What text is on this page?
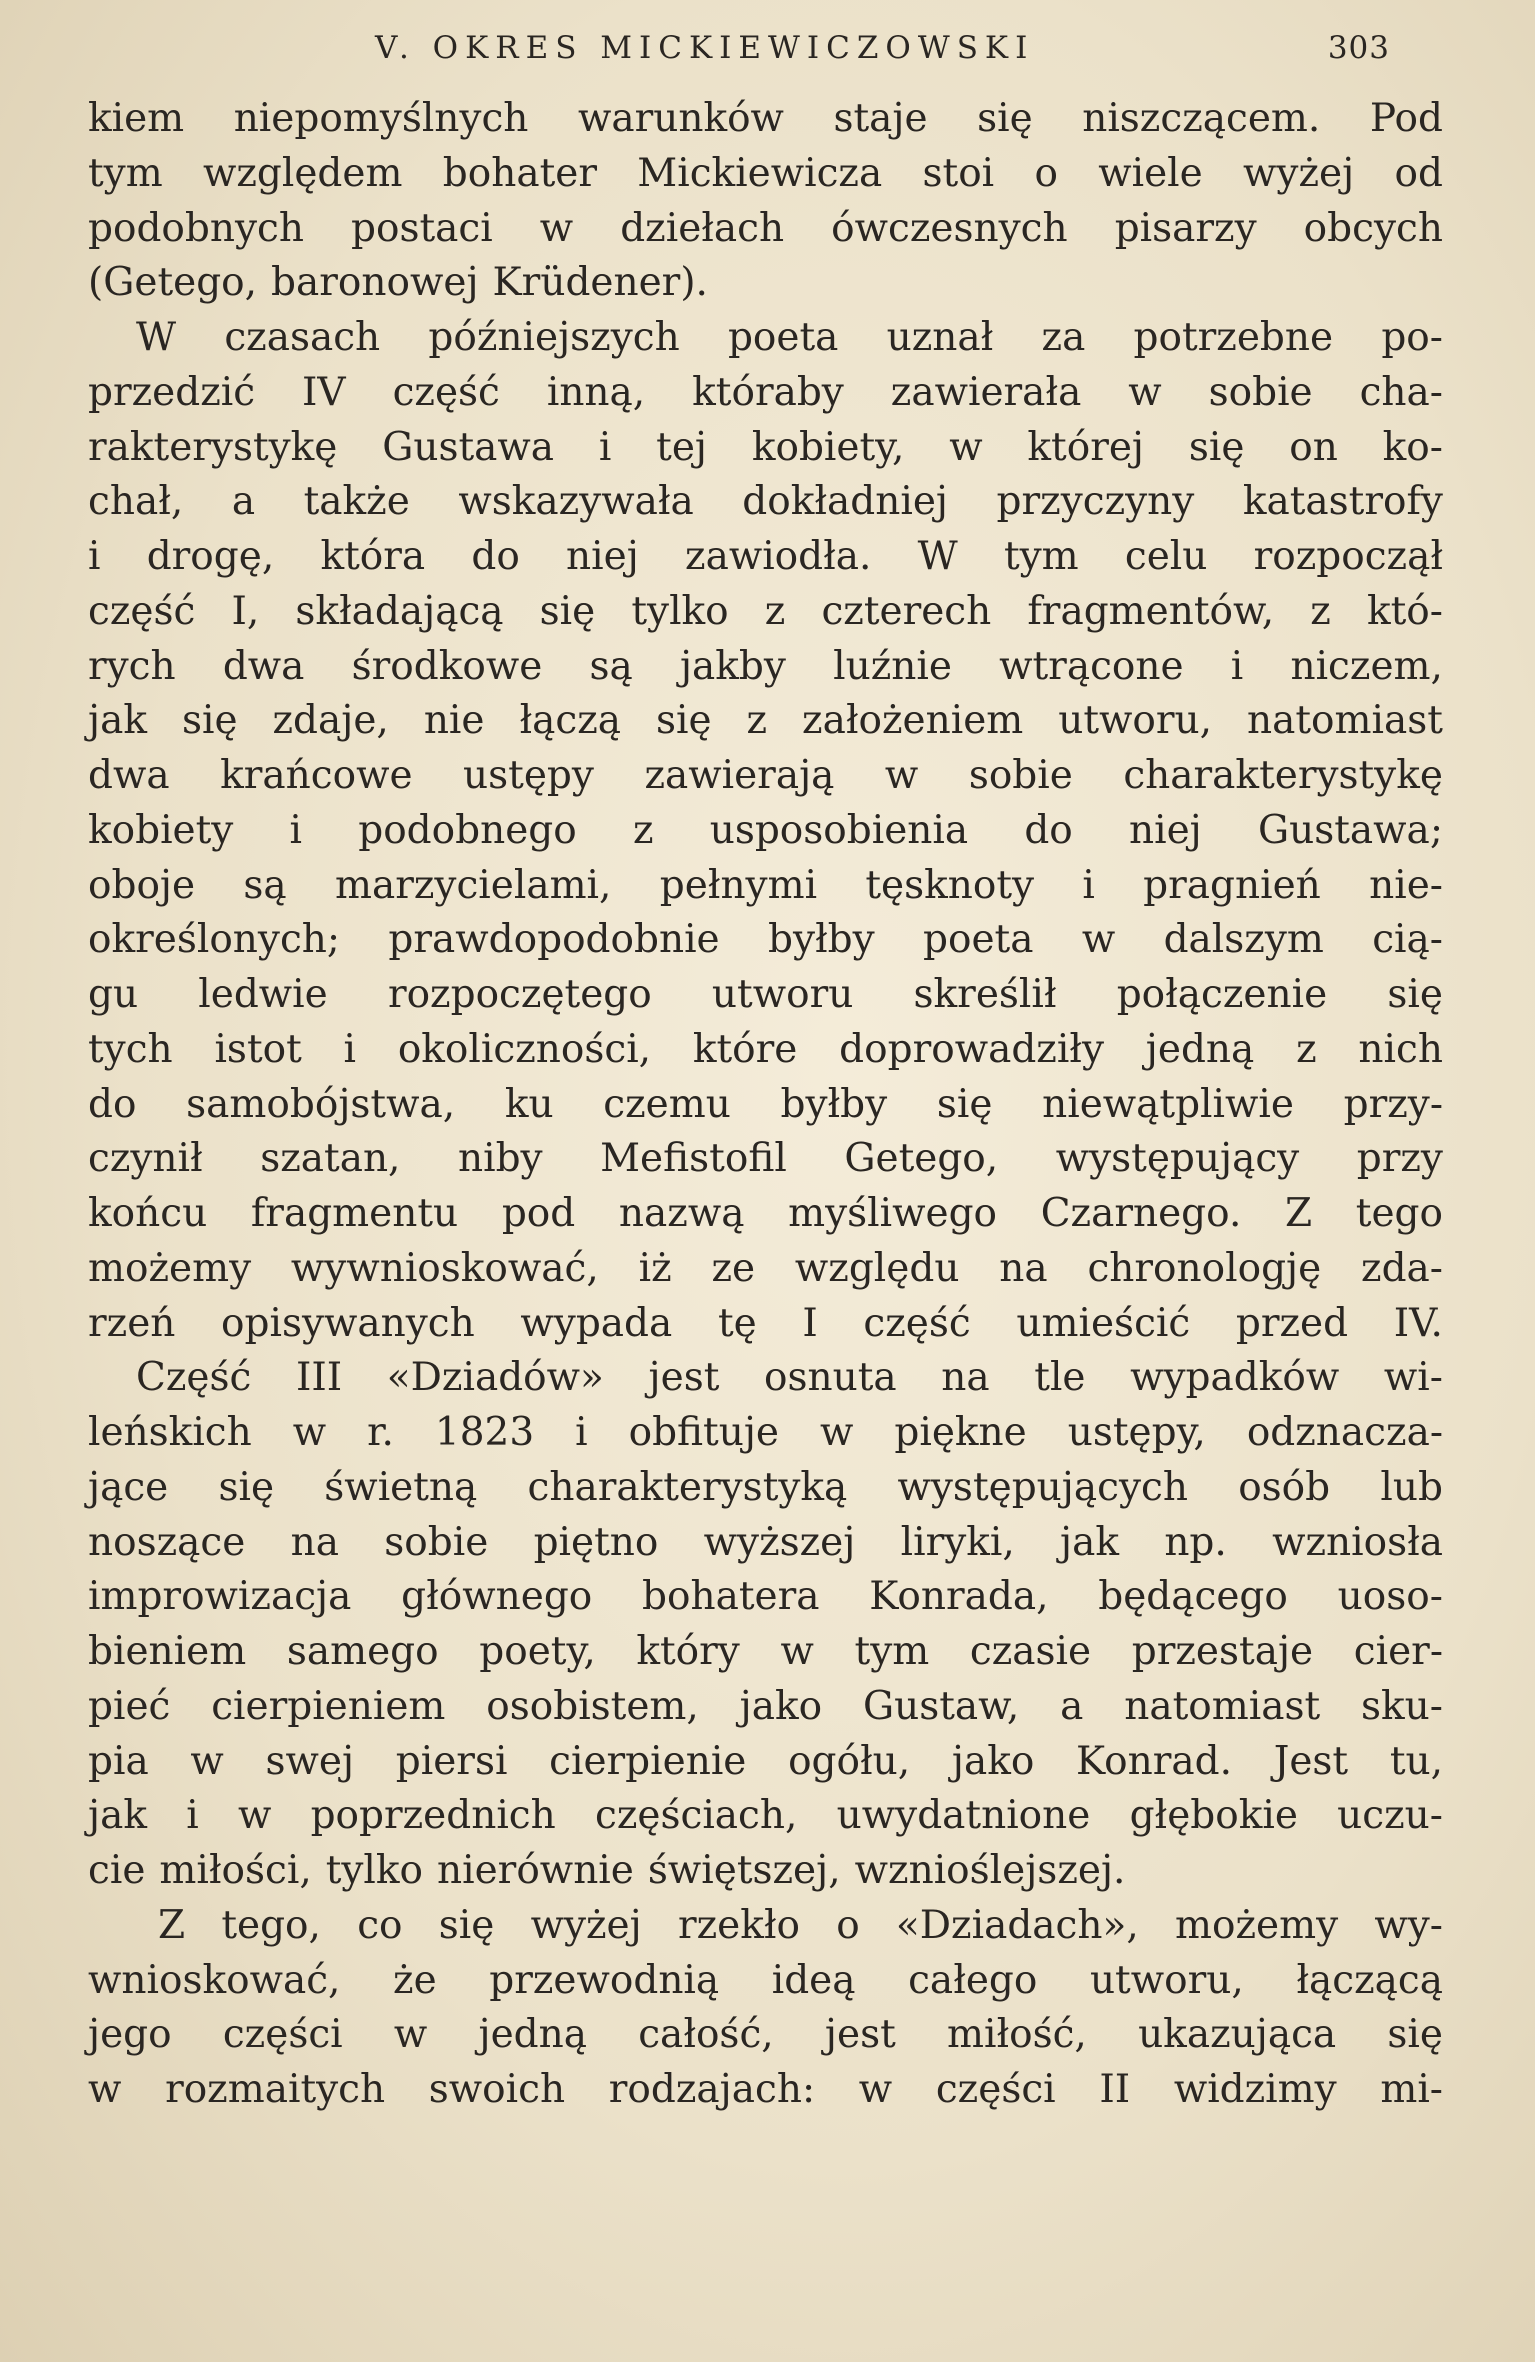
V. OKRES MICKIEWICZOWSKI	303
kiem niepomyślnych warunków staje się niszczącem. Pod
tym względem bohater Mickiewicza stoi o wiele wyżej od
podobnych postaci w dziełach ówczesnych pisarzy obcych
(Getego, baronowej Krüdener).
W czasach późniejszych poeta uznał za potrzebne po-
przedzić IV część inną, któraby zawierała w sobie cha-
rakterystykę Gustawa i tej kobiety, w której się on ko-
chał, a także wskazywała dokładniej przyczyny katastrofy
i drogę, która do niej zawiodła. W tym celu rozpoczął
część I, składającą się tylko z czterech fragmentów, z któ-
rych dwa środkowe są jakby luźnie wtrącone i niczem,
jak się zdaje, nie łączą się z założeniem utworu, natomiast
dwa krańcowe ustępy zawierają w sobie charakterystykę
kobiety i podobnego z usposobienia do niej Gustawa;
oboje są marzycielami, pełnymi tęsknoty i pragnień nie-
określonych; prawdopodobnie byłby poeta w dalszym cią-
gu ledwie rozpoczętego utworu skreślił połączenie się
tych istot i okoliczności, które doprowadziły jedną z nich
do samobójstwa, ku czemu byłby się niewątpliwie przy-
czynił szatan, niby Mefistofil Getego, występujący przy
końcu fragmentu pod nazwą myśliwego Czarnego. Z tego
możemy wywnioskować, iż ze względu na chronologję zda-
rzeń opisywanych wypada tę I część umieścić przed IV.
Część III «Dziadów» jest osnuta na tle wypadków wi-
leńskich w r. 1823 i obfituje w piękne ustępy, odznacza-
jące się świetną charakterystyką występujących osób lub
noszące na sobie piętno wyższej liryki, jak np. wzniosła
improwizacja głównego bohatera Konrada, będącego uoso-
bieniem samego poety, który w tym czasie przestaje cier-
pieć cierpieniem osobistem, jako Gustaw, a natomiast sku-
pia w swej piersi cierpienie ogółu, jako Konrad. Jest tu,
jak i w poprzednich częściach, uwydatnione głębokie uczu-
cie miłości, tylko nierównie świętszej, wznioślejszej.
Z tego, co się wyżej rzekło o «Dziadach», możemy wy-
wnioskować, że przewodnią ideą całego utworu, łączącą
jego części w jedną całość, jest miłość, ukazująca się
w rozmaitych swoich rodzajach: w części II widzimy mi-
